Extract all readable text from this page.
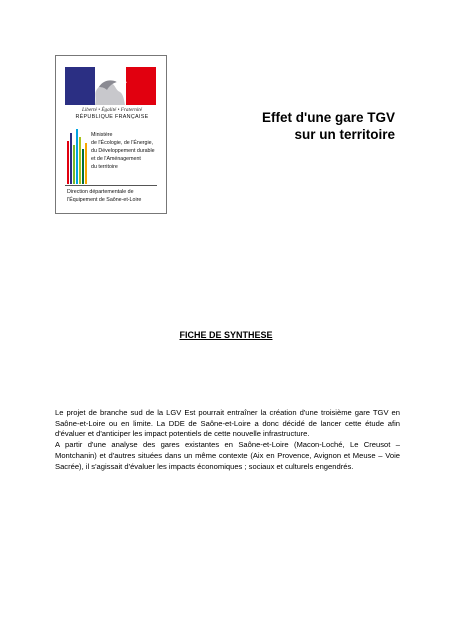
Liberté • Égalité • Fraternité
RÉPUBLIQUE FRANÇAISE
Ministère
de l'Écologie, de l'Énergie,
du Développement durable
et de l'Aménagement
du territoire
Direction départementale de
l'Équipement de Saône-et-Loire
Effet d'une gare TGV
sur un territoire
FICHE DE SYNTHESE

Le projet de branche sud de la LGV Est pourrait entraîner la création d'une troisième gare TGV en Saône-et-Loire ou en limite. La DDE de Saône-et-Loire a donc décidé de lancer cette étude afin d'évaluer et d'anticiper les impact potentiels de cette nouvelle infrastructure.

A partir d'une analyse des gares existantes en Saône-et-Loire (Macon-Loché, Le Creusot – Montchanin) et d'autres situées dans un même contexte (Aix en Provence, Avignon et Meuse – Voie Sacrée), il s'agissait d'évaluer les impacts économiques ; sociaux et culturels engendrés.
